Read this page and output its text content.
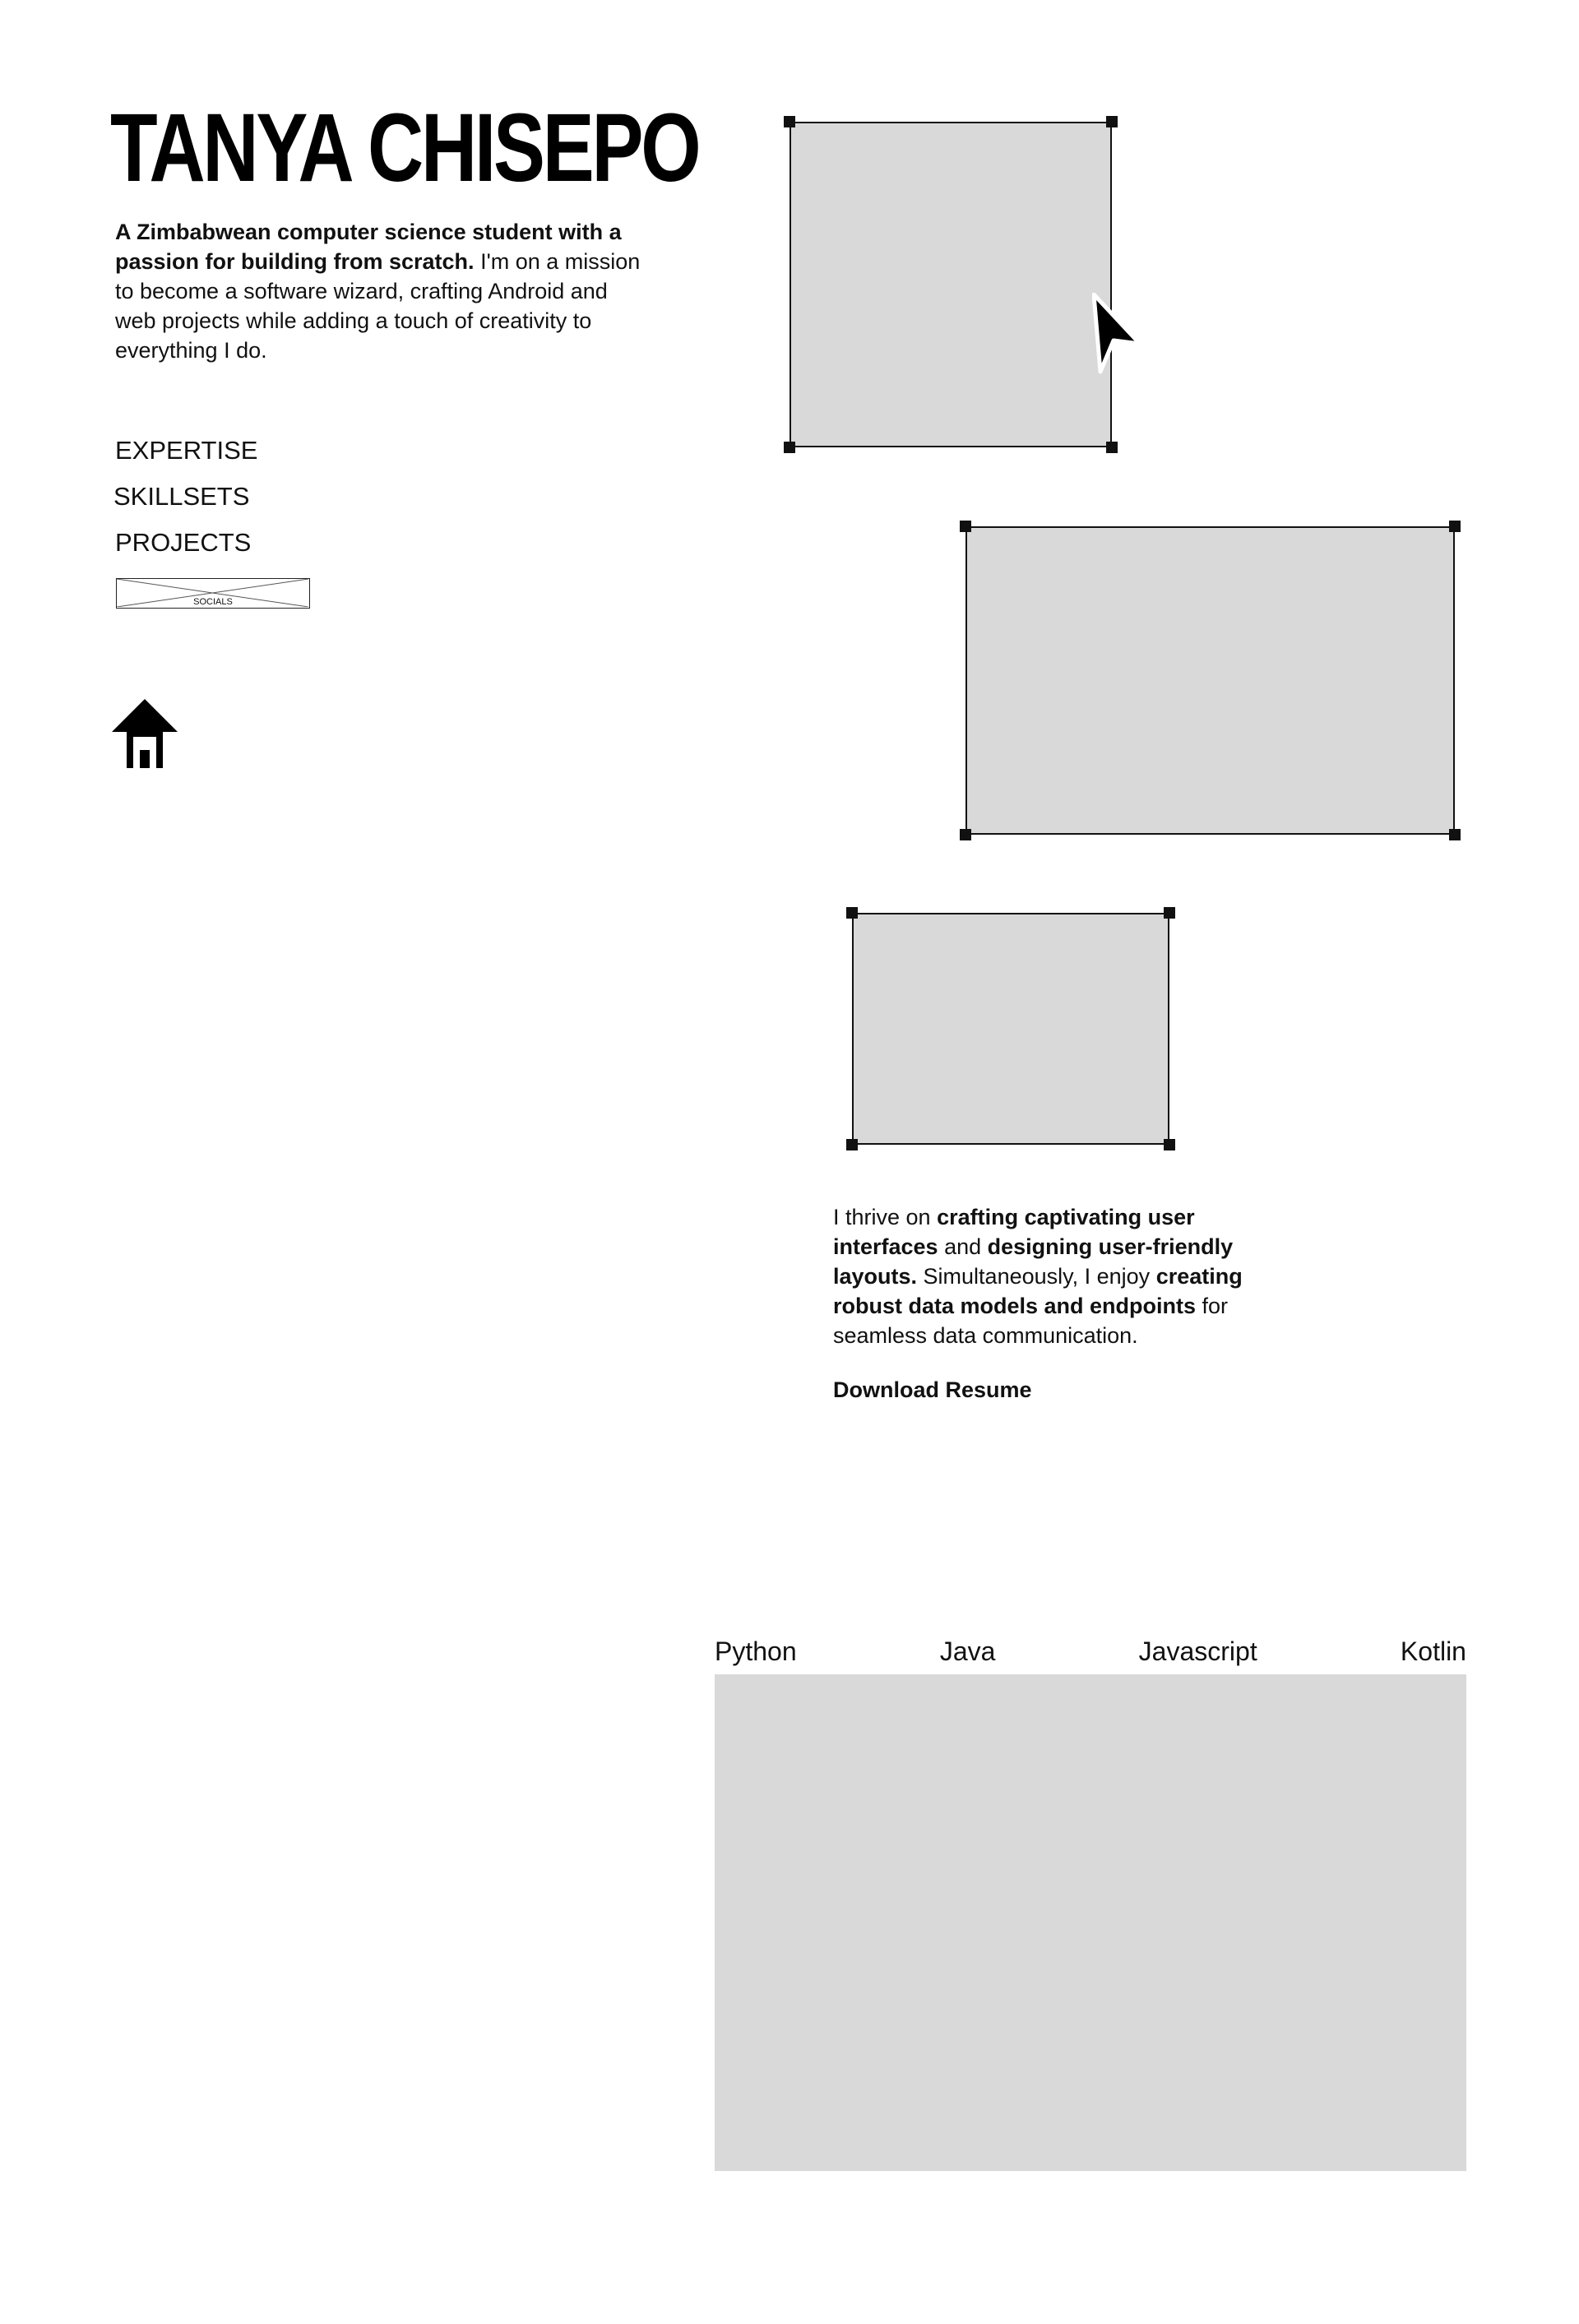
TANYA CHISEPO
A Zimbabwean computer science student with a passion for building from scratch. I'm on a mission to become a software wizard, crafting Android and web projects while adding a touch of creativity to everything I do.
EXPERTISE
SKILLSETS
PROJECTS
SOCIALS
I thrive on crafting captivating user interfaces and designing user-friendly layouts. Simultaneously, I enjoy creating robust data models and endpoints for seamless data communication.
Download Resume
Python	Java	Javascript	Kotlin
